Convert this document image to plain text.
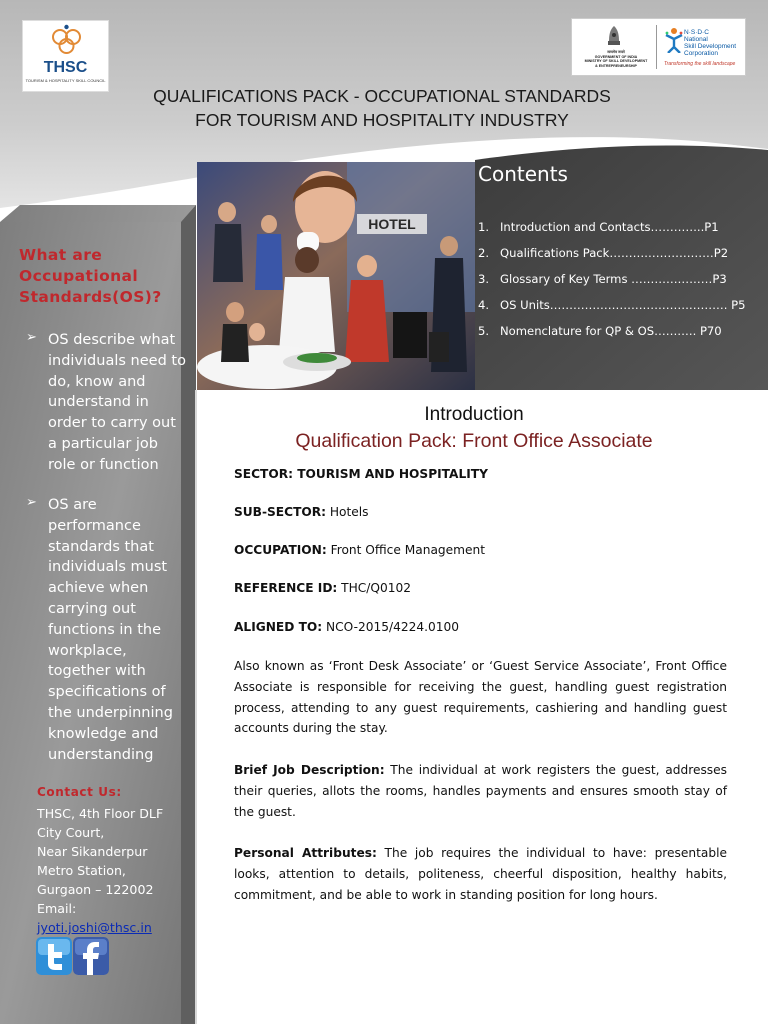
THSC
TOURISM & HOSPITALITY SKILL COUNCIL
सत्यमेव जयते
GOVERNMENT OF INDIA
MINISTRY OF SKILL DEVELOPMENT
& ENTREPRENEURSHIP
N·S·D·C
National
Skill Development
Corporation
Transforming the skill landscape
QUALIFICATIONS PACK - OCCUPATIONAL STANDARDS
FOR TOURISM AND HOSPITALITY INDUSTRY
HOTEL
Contents
1. Introduction and Contacts…………..P1
2. Qualifications Pack………………………P2
3. Glossary of Key Terms …………………P3
4. OS Units………………………………………. P5
5. Nomenclature for QP & OS……….. P70
What are Occupational Standards(OS)?
➢ OS describe what individuals need to do, know and understand in order to carry out a particular job role or function
➢ OS are performance standards that individuals must achieve when carrying out functions in the workplace, together with specifications of the underpinning knowledge and understanding
Contact Us:
THSC, 4th Floor DLF
City Court,
Near Sikanderpur
Metro Station,
Gurgaon – 122002
Email:
jyoti.joshi@thsc.in
Introduction
Qualification Pack: Front Office Associate
SECTOR: TOURISM AND HOSPITALITY
SUB-SECTOR: Hotels
OCCUPATION: Front Office Management
REFERENCE ID: THC/Q0102
ALIGNED TO: NCO-2015/4224.0100
Also known as ‘Front Desk Associate’ or ‘Guest Service Associate’, Front Office Associate is responsible for receiving the guest, handling guest registration process, attending to any guest requirements, cashiering and handling guest accounts during the stay.
Brief Job Description: The individual at work registers the guest, addresses their queries, allots the rooms, handles payments and ensures smooth stay of the guest.
Personal Attributes: The job requires the individual to have: presentable looks, attention to details, politeness, cheerful disposition, healthy habits, commitment, and be able to work in standing position for long hours.
